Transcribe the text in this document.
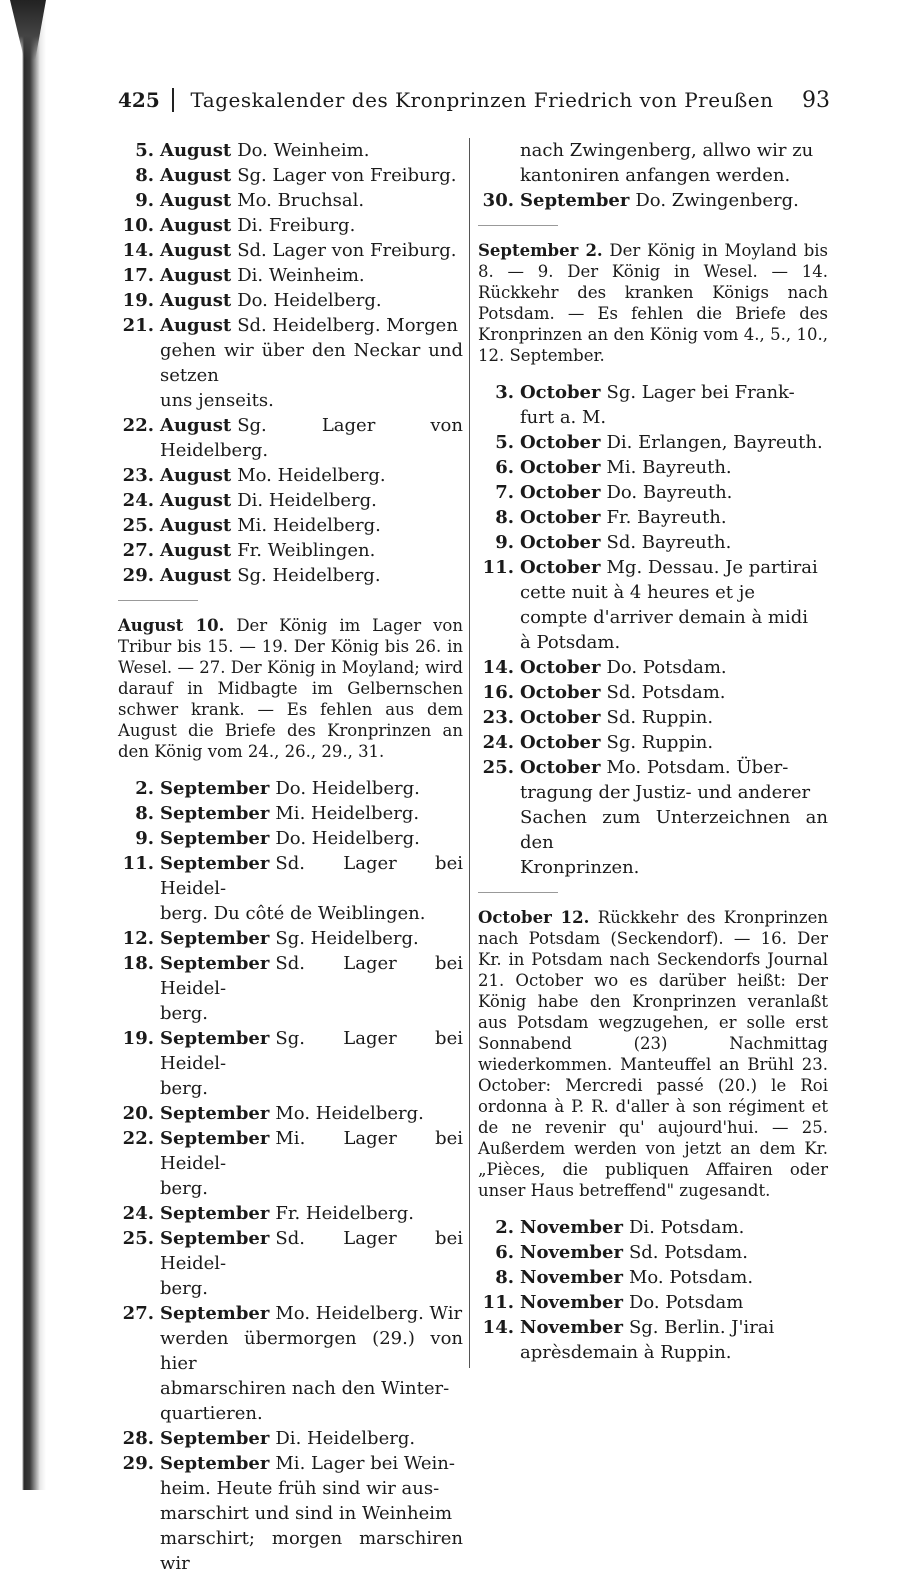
425	Tageskalender des Kronprinzen Friedrich von Preußen	93
5. August Do. Weinheim.
8. August Sg. Lager von Freiburg.
9. August Mo. Bruchsal.
10. August Di. Freiburg.
14. August Sd. Lager von Freiburg.
17. August Di. Weinheim.
19. August Do. Heidelberg.
21. August Sd. Heidelberg. Morgen
gehen wir über den Neckar und setzen
uns jenseits.
22. August Sg. Lager von Heidelberg.
23. August Mo. Heidelberg.
24. August Di. Heidelberg.
25. August Mi. Heidelberg.
27. August Fr. Weiblingen.
29. August Sg. Heidelberg.
August 10. Der König im Lager von Tribur bis 15. — 19. Der König bis 26. in Wesel. — 27. Der König in Moyland; wird darauf in Midbagte im Gelbernschen schwer krank. — Es fehlen aus dem August die Briefe des Kronprinzen an den König vom 24., 26., 29., 31.
2. September Do. Heidelberg.
8. September Mi. Heidelberg.
9. September Do. Heidelberg.
11. September Sd. Lager bei Heidel-
berg. Du côté de Weiblingen.
12. September Sg. Heidelberg.
18. September Sd. Lager bei Heidel-
berg.
19. September Sg. Lager bei Heidel-
berg.
20. September Mo. Heidelberg.
22. September Mi. Lager bei Heidel-
berg.
24. September Fr. Heidelberg.
25. September Sd. Lager bei Heidel-
berg.
27. September Mo. Heidelberg. Wir
werden übermorgen (29.) von hier
abmarschiren nach den Winter-
quartieren.
28. September Di. Heidelberg.
29. September Mi. Lager bei Wein-
heim. Heute früh sind wir aus-
marschirt und sind in Weinheim
marschirt; morgen marschiren wir
nach Zwingenberg, allwo wir zu
kantoniren anfangen werden.
30. September Do. Zwingenberg.
September 2. Der König in Moyland bis 8. — 9. Der König in Wesel. — 14. Rückkehr des kranken Königs nach Potsdam. — Es fehlen die Briefe des Kronprinzen an den König vom 4., 5., 10., 12. September.
3. October Sg. Lager bei Frank-
furt a. M.
5. October Di. Erlangen, Bayreuth.
6. October Mi. Bayreuth.
7. October Do. Bayreuth.
8. October Fr. Bayreuth.
9. October Sd. Bayreuth.
11. October Mg. Dessau. Je partirai
cette nuit à 4 heures et je
compte d'arriver demain à midi
à Potsdam.
14. October Do. Potsdam.
16. October Sd. Potsdam.
23. October Sd. Ruppin.
24. October Sg. Ruppin.
25. October Mo. Potsdam. Über-
tragung der Justiz- und anderer
Sachen zum Unterzeichnen an den
Kronprinzen.
October 12. Rückkehr des Kronprinzen nach Potsdam (Seckendorf). — 16. Der Kr. in Potsdam nach Seckendorfs Journal 21. October wo es darüber heißt: Der König habe den Kronprinzen veranlaßt aus Potsdam wegzugehen, er solle erst Sonnabend (23) Nachmittag wiederkommen. Manteuffel an Brühl 23. October: Mercredi passé (20.) le Roi ordonna à P. R. d'aller à son régiment et de ne revenir qu' aujourd'hui. — 25. Außerdem werden von jetzt an dem Kr. „Pièces, die publiquen Affairen oder unser Haus betreffend" zugesandt.
2. November Di. Potsdam.
6. November Sd. Potsdam.
8. November Mo. Potsdam.
11. November Do. Potsdam
14. November Sg. Berlin. J'irai
aprèsdemain à Ruppin.
